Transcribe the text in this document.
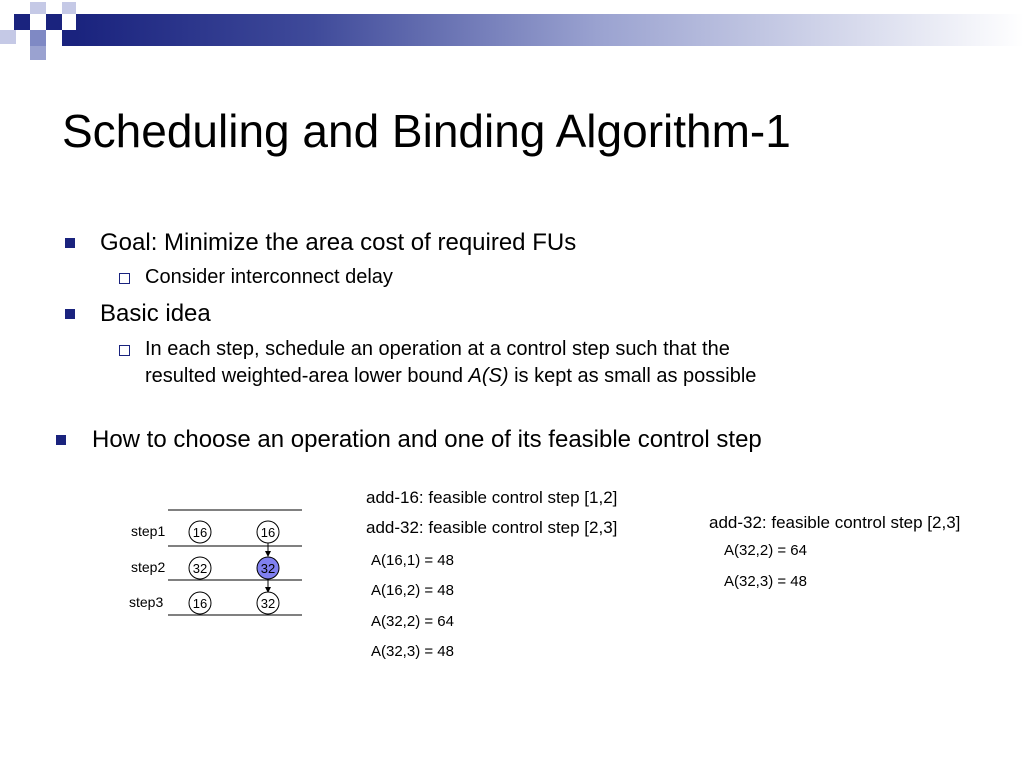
Scheduling and Binding Algorithm-1
Goal: Minimize the area cost of required FUs
Consider interconnect delay
Basic idea
In each step, schedule an operation at a control step such that the
resulted weighted-area lower bound A(S) is kept as small as possible
How to choose an operation and one of its feasible control step
step1
step2
step3
16
32
16
16
32
32
add-16: feasible control step [1,2]
add-32: feasible control step [2,3]
A(16,1) = 48
A(16,2) = 48
A(32,2) = 64
A(32,3) = 48
add-32: feasible control step [2,3]
A(32,2) = 64
A(32,3) = 48
